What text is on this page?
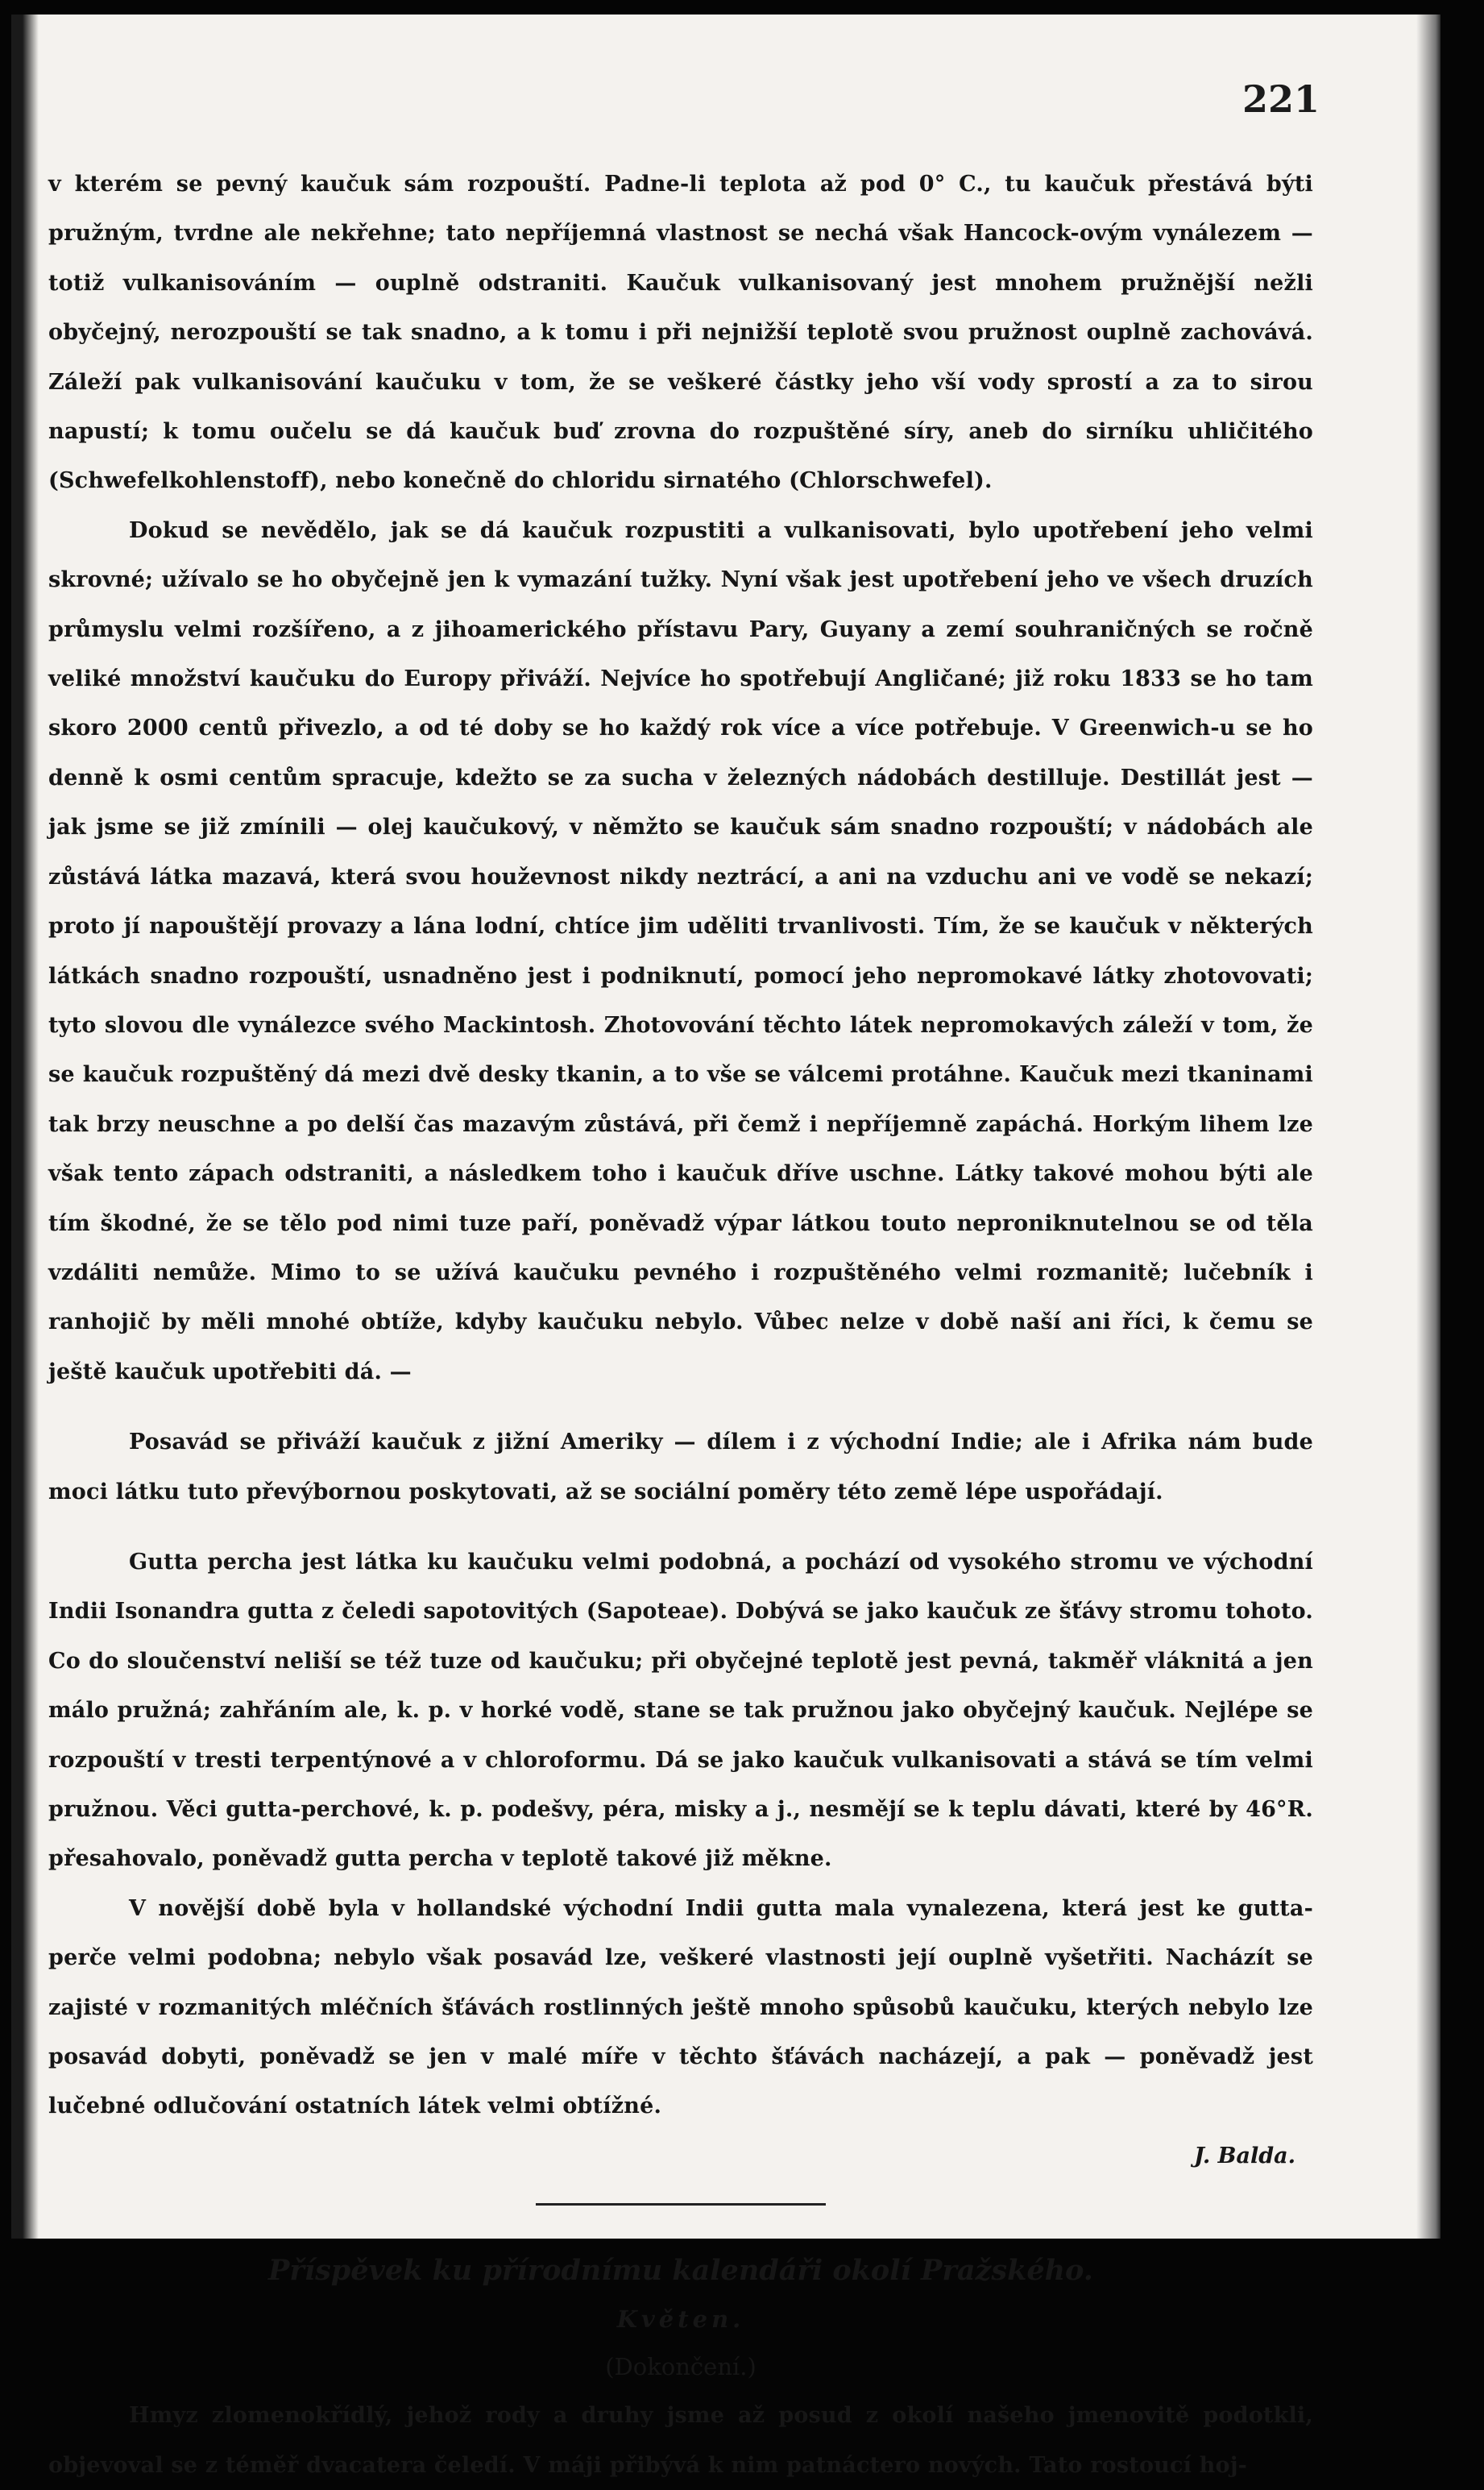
221

v kterém se pevný kaučuk sám rozpouští. Padne-li teplota až pod 0° C., tu kaučuk přestává býti pružným, tvrdne ale nekřehne; tato nepříjemná vlastnost se nechá však Hancock-ovým vynálezem — totiž vulkanisováním — ouplně odstraniti. Kaučuk vulkanisovaný jest mnohem pružnější nežli obyčejný, nerozpouští se tak snadno, a k tomu i při nejnižší teplotě svou pružnost ouplně zachovává. Záleží pak vulkanisování kaučuku v tom, že se veškeré částky jeho vší vody sprostí a za to sirou napustí; k tomu oučelu se dá kaučuk buď zrovna do rozpuštěné síry, aneb do sirníku uhličitého (Schwefelkohlenstoff), nebo konečně do chloridu sirnatého (Chlorschwefel).

Dokud se nevědělo, jak se dá kaučuk rozpustiti a vulkanisovati, bylo upotřebení jeho velmi skrovné; užívalo se ho obyčejně jen k vymazání tužky. Nyní však jest upotřebení jeho ve všech druzích průmyslu velmi rozšířeno, a z jihoamerického přístavu Pary, Guyany a zemí souhraničných se ročně veliké množství kaučuku do Europy přiváží. Nejvíce ho spotřebují Angličané; již roku 1833 se ho tam skoro 2000 centů přivezlo, a od té doby se ho každý rok více a více potřebuje. V Greenwich-u se ho denně k osmi centům spracuje, kdežto se za sucha v železných nádobách destilluje. Destillát jest — jak jsme se již zmínili — olej kaučukový, v němžto se kaučuk sám snadno rozpouští; v nádobách ale zůstává látka mazavá, která svou houževnost nikdy neztrácí, a ani na vzduchu ani ve vodě se nekazí; proto jí napouštějí provazy a lána lodní, chtíce jim uděliti trvanlivosti. Tím, že se kaučuk v některých látkách snadno rozpouští, usnadněno jest i podniknutí, pomocí jeho nepromokavé látky zhotovovati; tyto slovou dle vynálezce svého Mackintosh. Zhotovování těchto látek nepromokavých záleží v tom, že se kaučuk rozpuštěný dá mezi dvě desky tkanin, a to vše se válcemi protáhne. Kaučuk mezi tkaninami tak brzy neuschne a po delší čas mazavým zůstává, při čemž i nepříjemně zapáchá. Horkým lihem lze však tento zápach odstraniti, a následkem toho i kaučuk dříve uschne. Látky takové mohou býti ale tím škodné, že se tělo pod nimi tuze paří, poněvadž výpar látkou touto neproniknutelnou se od těla vzdáliti nemůže. Mimo to se užívá kaučuku pevného i rozpuštěného velmi rozmanitě; lučebník i ranhojič by měli mnohé obtíže, kdyby kaučuku nebylo. Vůbec nelze v době naší ani říci, k čemu se ještě kaučuk upotřebiti dá. —

Posavád se přiváží kaučuk z jižní Ameriky — dílem i z východní Indie; ale i Afrika nám bude moci látku tuto převýbornou poskytovati, až se sociální poměry této země lépe uspořádají.

Gutta percha jest látka ku kaučuku velmi podobná, a pochází od vysokého stromu ve východní Indii Isonandra gutta z čeledi sapotovitých (Sapoteae). Dobývá se jako kaučuk ze šťávy stromu tohoto. Co do sloučenství neliší se též tuze od kaučuku; při obyčejné teplotě jest pevná, takměř vláknitá a jen málo pružná; zahřáním ale, k. p. v horké vodě, stane se tak pružnou jako obyčejný kaučuk. Nejlépe se rozpouští v tresti terpentýnové a v chloroformu. Dá se jako kaučuk vulkanisovati a stává se tím velmi pružnou. Věci gutta-perchové, k. p. podešvy, péra, misky a j., nesmějí se k teplu dávati, které by 46°R. přesahovalo, poněvadž gutta percha v teplotě takové již měkne.

V novější době byla v hollandské východní Indii gutta mala vynalezena, která jest ke gutta-perče velmi podobna; nebylo však posavád lze, veškeré vlastnosti její ouplně vyšetřiti. Nacházít se zajisté v rozmanitých mléčních šťávách rostlinných ještě mnoho spůsobů kaučuku, kterých nebylo lze posavád dobyti, poněvadž se jen v malé míře v těchto šťávách nacházejí, a pak — poněvadž jest lučebné odlučování ostatních látek velmi obtížné.

J. Balda.

Příspěvek ku přírodnímu kalendáři okolí Pražského.

Květen.

(Dokončení.)

Hmyz zlomenokřídlý, jehož rody a druhy jsme až posud z okolí našeho jmenovitě podotkli, objevoval se z téměř dvacatera čeledí. V máji přibývá k nim patnáctero nových. Tato rostoucí hoj-
